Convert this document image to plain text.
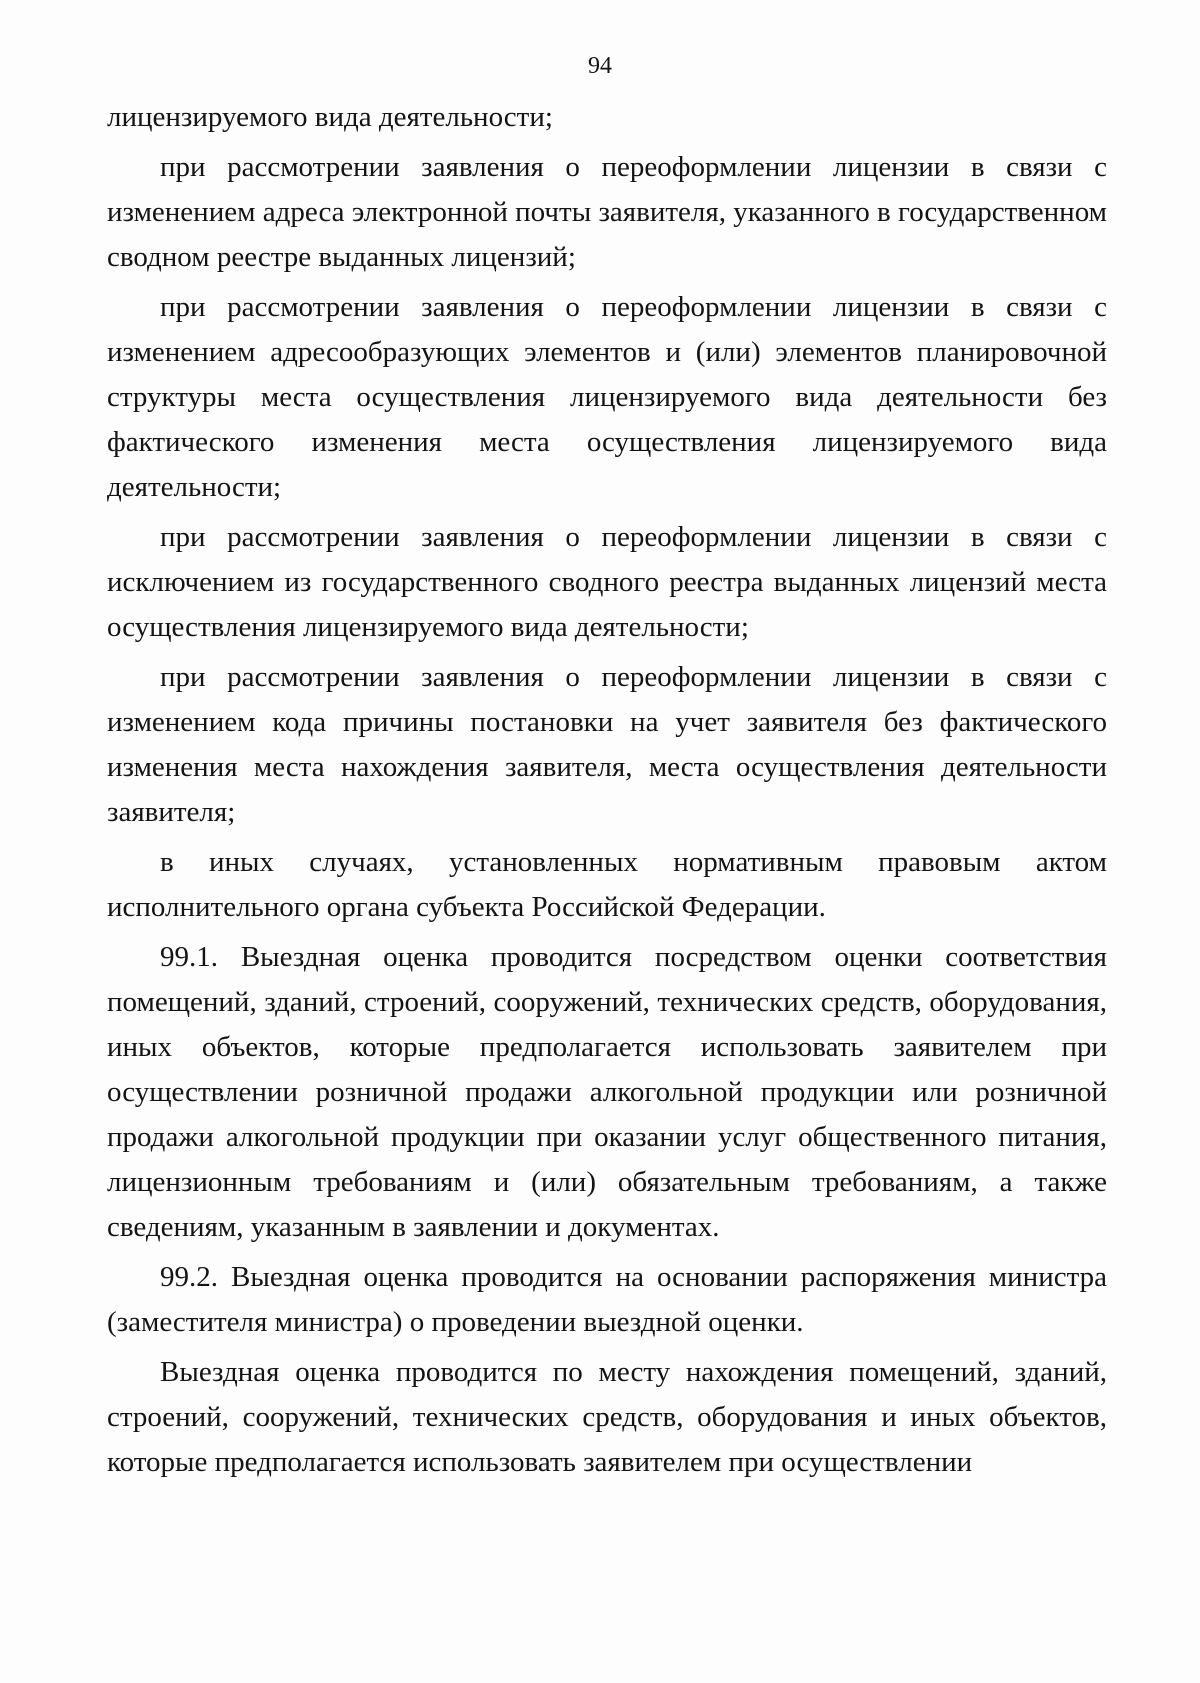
94

лицензируемого вида деятельности;

при рассмотрении заявления о переоформлении лицензии в связи с изменением адреса электронной почты заявителя, указанного в государственном сводном реестре выданных лицензий;

при рассмотрении заявления о переоформлении лицензии в связи с изменением адресообразующих элементов и (или) элементов планировочной структуры места осуществления лицензируемого вида деятельности без фактического изменения места осуществления лицензируемого вида деятельности;

при рассмотрении заявления о переоформлении лицензии в связи с исключением из государственного сводного реестра выданных лицензий места осуществления лицензируемого вида деятельности;

при рассмотрении заявления о переоформлении лицензии в связи с изменением кода причины постановки на учет заявителя без фактического изменения места нахождения заявителя, места осуществления деятельности заявителя;

в иных случаях, установленных нормативным правовым актом исполнительного органа субъекта Российской Федерации.

99.1. Выездная оценка проводится посредством оценки соответствия помещений, зданий, строений, сооружений, технических средств, оборудования, иных объектов, которые предполагается использовать заявителем при осуществлении розничной продажи алкогольной продукции или розничной продажи алкогольной продукции при оказании услуг общественного питания, лицензионным требованиям и (или) обязательным требованиям, а также сведениям, указанным в заявлении и документах.

99.2. Выездная оценка проводится на основании распоряжения министра (заместителя министра) о проведении выездной оценки.

Выездная оценка проводится по месту нахождения помещений, зданий, строений, сооружений, технических средств, оборудования и иных объектов, которые предполагается использовать заявителем при осуществлении
